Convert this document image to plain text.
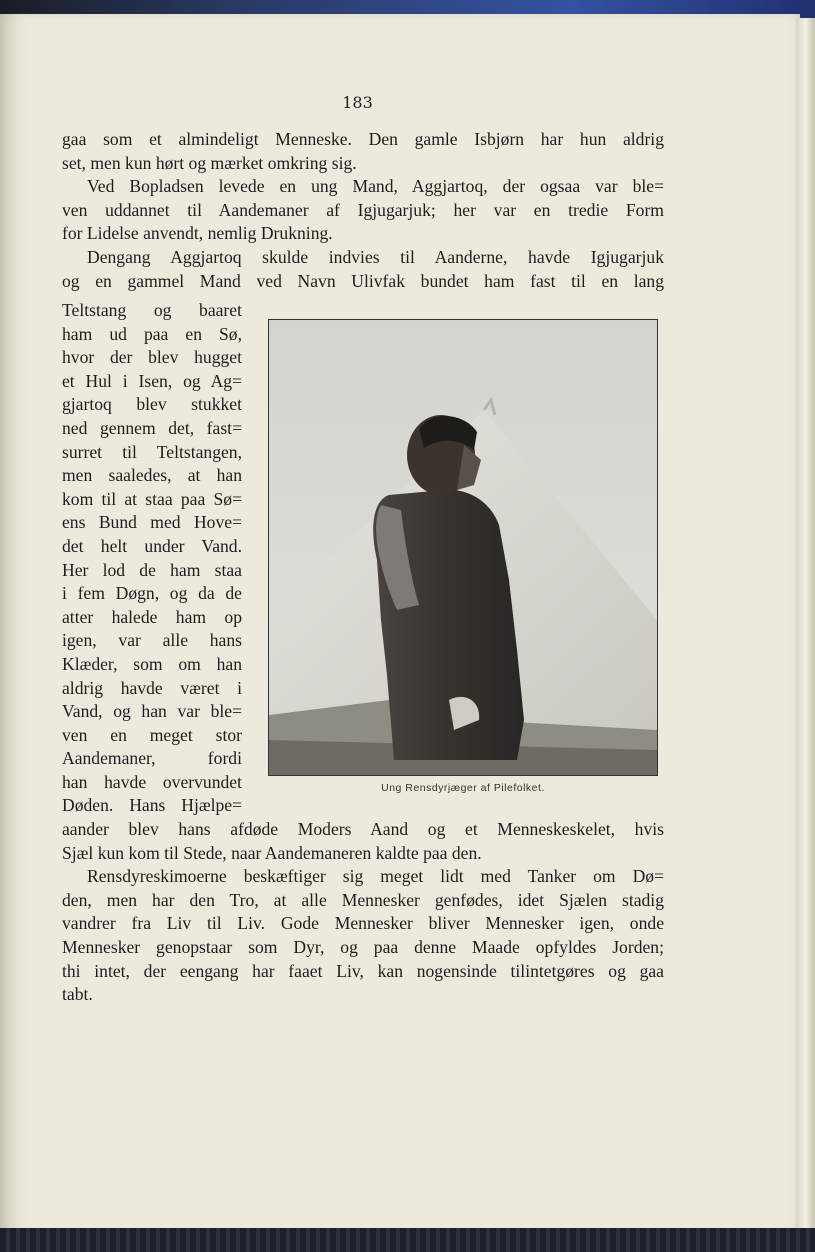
183

gaa som et almindeligt Menneske. Den gamle Isbjørn har hun aldrig
set, men kun hørt og mærket omkring sig.

Ved Bopladsen levede en ung Mand, Aggjartoq, der ogsaa var ble=
ven uddannet til Aandemaner af Igjugarjuk; her var en tredie Form
for Lidelse anvendt, nemlig Drukning.

Dengang Aggjartoq skulde indvies til Aanderne, havde Igjugarjuk
og en gammel Mand ved Navn Ulivfak bundet ham fast til en lang

Teltstang og baaret
ham ud paa en Sø,
hvor der blev hugget
et Hul i Isen, og Ag=
gjartoq blev stukket
ned gennem det, fast=
surret til Teltstangen,
men saaledes, at han
kom til at staa paa Sø=
ens Bund med Hove=
det helt under Vand.
Her lod de ham staa
i fem Døgn, og da de
atter halede ham op
igen, var alle hans
Klæder, som om han
aldrig havde været i
Vand, og han var ble=
ven en meget stor
Aandemaner, fordi
han havde overvundet
Døden. Hans Hjælpe=
Ung Rensdyrjæger af Pilefolket.

aander blev hans afdøde Moders Aand og et Menneskeskelet, hvis
Sjæl kun kom til Stede, naar Aandemaneren kaldte paa den.

Rensdyreskimoerne beskæftiger sig meget lidt med Tanker om Dø=
den, men har den Tro, at alle Mennesker genfødes, idet Sjælen stadig
vandrer fra Liv til Liv. Gode Mennesker bliver Mennesker igen, onde
Mennesker genopstaar som Dyr, og paa denne Maade opfyldes Jorden;
thi intet, der eengang har faaet Liv, kan nogensinde tilintetgøres og gaa
tabt.
